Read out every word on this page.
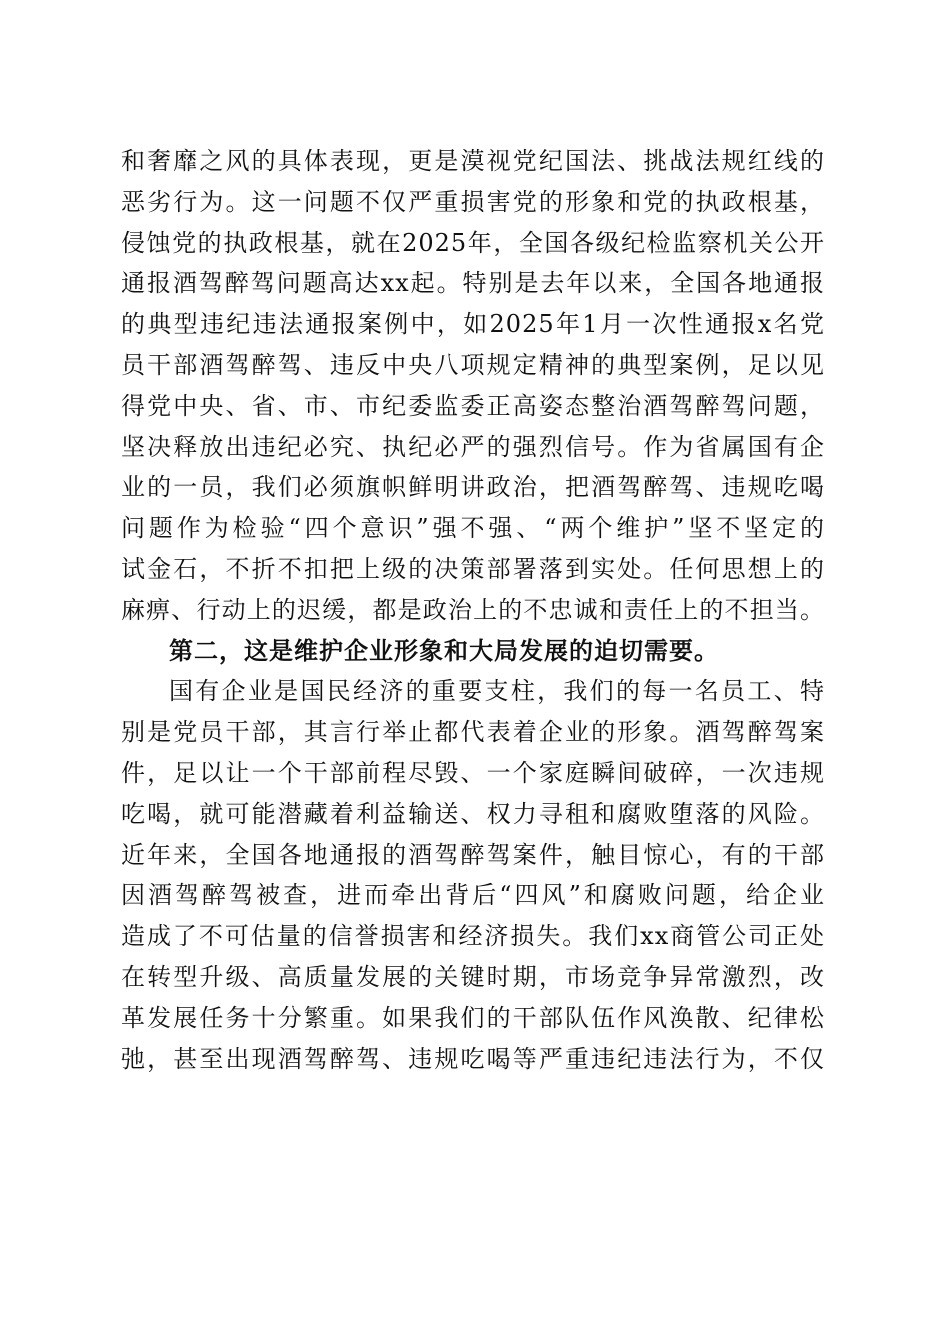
和奢靡之风的具体表现，更是漠视党纪国法、挑战法规红线的
恶劣行为。这一问题不仅严重损害党的形象和党的执政根基，
侵蚀党的执政根基，就在2025年，全国各级纪检监察机关公开
通报酒驾醉驾问题高达xx起。特别是去年以来，全国各地通报
的典型违纪违法通报案例中，如2025年1月一次性通报x名党
员干部酒驾醉驾、违反中央八项规定精神的典型案例，足以见
得党中央、省、市、市纪委监委正高姿态整治酒驾醉驾问题，
坚决释放出违纪必究、执纪必严的强烈信号。作为省属国有企
业的一员，我们必须旗帜鲜明讲政治，把酒驾醉驾、违规吃喝
问题作为检验“四个意识”强不强、“两个维护”坚不坚定的
试金石，不折不扣把上级的决策部署落到实处。任何思想上的
麻痹、行动上的迟缓，都是政治上的不忠诚和责任上的不担当。
第二，这是维护企业形象和大局发展的迫切需要。
国有企业是国民经济的重要支柱，我们的每一名员工、特
别是党员干部，其言行举止都代表着企业的形象。酒驾醉驾案
件，足以让一个干部前程尽毁、一个家庭瞬间破碎，一次违规
吃喝，就可能潜藏着利益输送、权力寻租和腐败堕落的风险。
近年来，全国各地通报的酒驾醉驾案件，触目惊心，有的干部
因酒驾醉驾被查，进而牵出背后“四风”和腐败问题，给企业
造成了不可估量的信誉损害和经济损失。我们xx商管公司正处
在转型升级、高质量发展的关键时期，市场竞争异常激烈，改
革发展任务十分繁重。如果我们的干部队伍作风涣散、纪律松
弛，甚至出现酒驾醉驾、违规吃喝等严重违纪违法行为，不仅
